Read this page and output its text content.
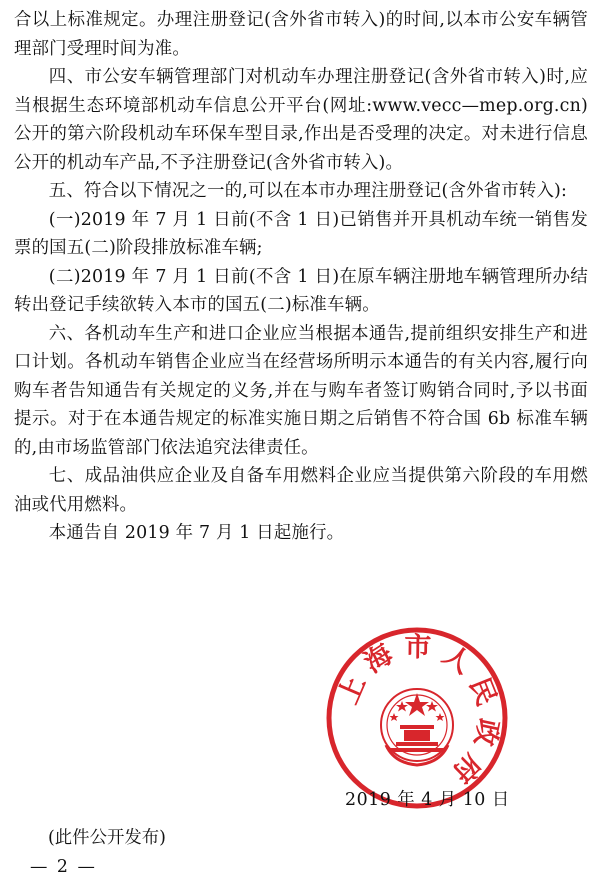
合以上标准规定。办理注册登记(含外省市转入)的时间,以本市公安车辆管理部门受理时间为准。

四、市公安车辆管理部门对机动车办理注册登记(含外省市转入)时,应当根据生态环境部机动车信息公开平台(网址:www.vecc—mep.org.cn)公开的第六阶段机动车环保车型目录,作出是否受理的决定。对未进行信息公开的机动车产品,不予注册登记(含外省市转入)。

五、符合以下情况之一的,可以在本市办理注册登记(含外省市转入):

(一)2019 年 7 月 1 日前(不含 1 日)已销售并开具机动车统一销售发票的国五(二)阶段排放标准车辆;

(二)2019 年 7 月 1 日前(不含 1 日)在原车辆注册地车辆管理所办结转出登记手续欲转入本市的国五(二)标准车辆。

六、各机动车生产和进口企业应当根据本通告,提前组织安排生产和进口计划。各机动车销售企业应当在经营场所明示本通告的有关内容,履行向购车者告知通告有关规定的义务,并在与购车者签订购销合同时,予以书面提示。对于在本通告规定的标准实施日期之后销售不符合国 6b 标准车辆的,由市场监管部门依法追究法律责任。

七、成品油供应企业及自备车用燃料企业应当提供第六阶段的车用燃油或代用燃料。

本通告自 2019 年 7 月 1 日起施行。

上 海 市 人 民 政 府
2019 年 4 月 10 日
(此件公开发布)
— 2 —
